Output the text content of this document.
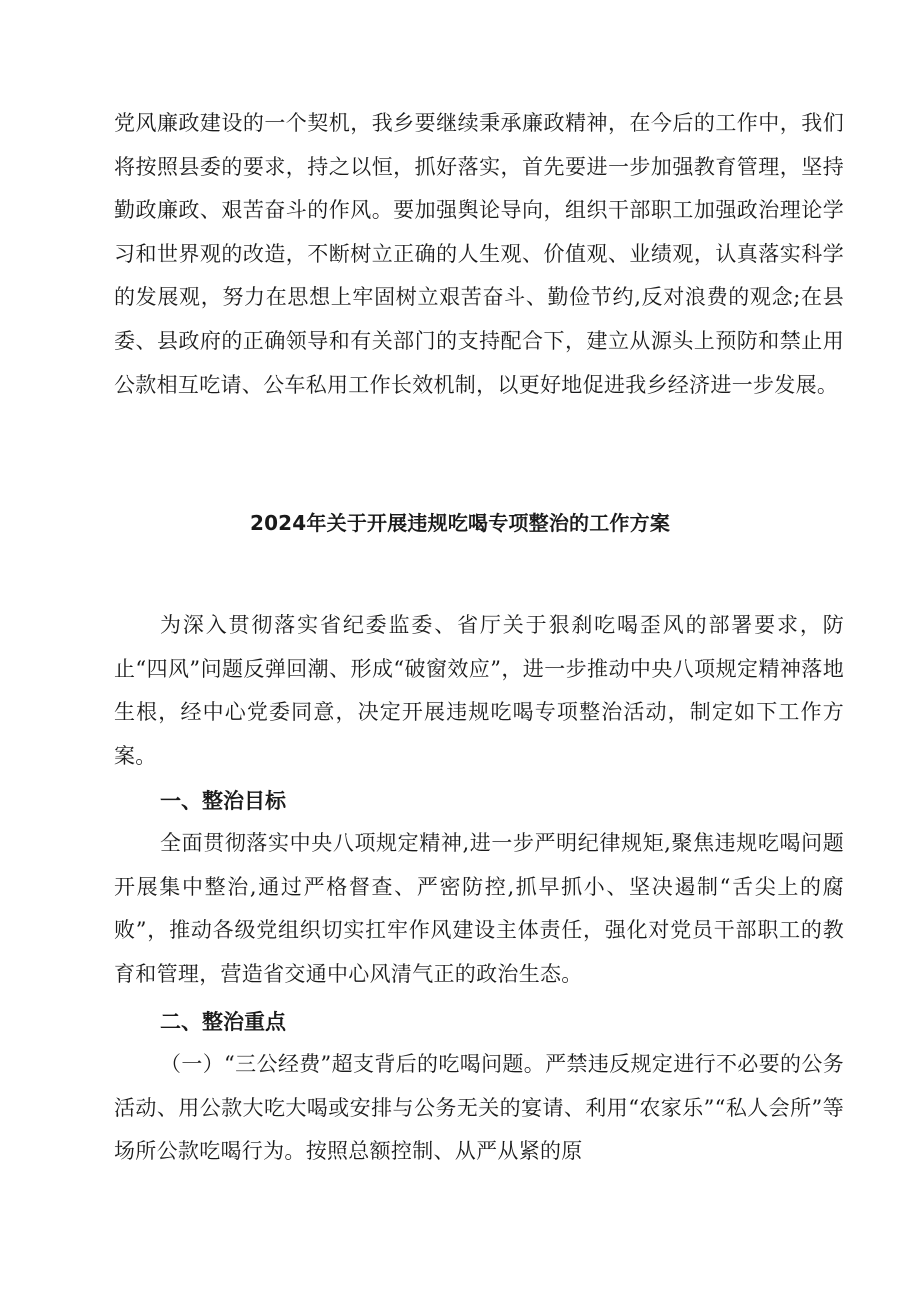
党风廉政建设的一个契机，我乡要继续秉承廉政精神，在今后的工作中，我们将按照县委的要求，持之以恒，抓好落实，首先要进一步加强教育管理，坚持勤政廉政、艰苦奋斗的作风。要加强舆论导向，组织干部职工加强政治理论学习和世界观的改造，不断树立正确的人生观、价值观、业绩观，认真落实科学的发展观，努力在思想上牢固树立艰苦奋斗、勤俭节约,反对浪费的观念;在县委、县政府的正确领导和有关部门的支持配合下，建立从源头上预防和禁止用公款相互吃请、公车私用工作长效机制，以更好地促进我乡经济进一步发展。

2024年关于开展违规吃喝专项整治的工作方案

为深入贯彻落实省纪委监委、省厅关于狠刹吃喝歪风的部署要求，防止“四风”问题反弹回潮、形成“破窗效应”，进一步推动中央八项规定精神落地生根，经中心党委同意，决定开展违规吃喝专项整治活动，制定如下工作方案。

一、整治目标

全面贯彻落实中央八项规定精神,进一步严明纪律规矩,聚焦违规吃喝问题开展集中整治,通过严格督查、严密防控,抓早抓小、坚决遏制“舌尖上的腐败”，推动各级党组织切实扛牢作风建设主体责任，强化对党员干部职工的教育和管理，营造省交通中心风清气正的政治生态。

二、整治重点

（一）“三公经费”超支背后的吃喝问题。严禁违反规定进行不必要的公务活动、用公款大吃大喝或安排与公务无关的宴请、利用“农家乐”“私人会所”等场所公款吃喝行为。按照总额控制、从严从紧的原
